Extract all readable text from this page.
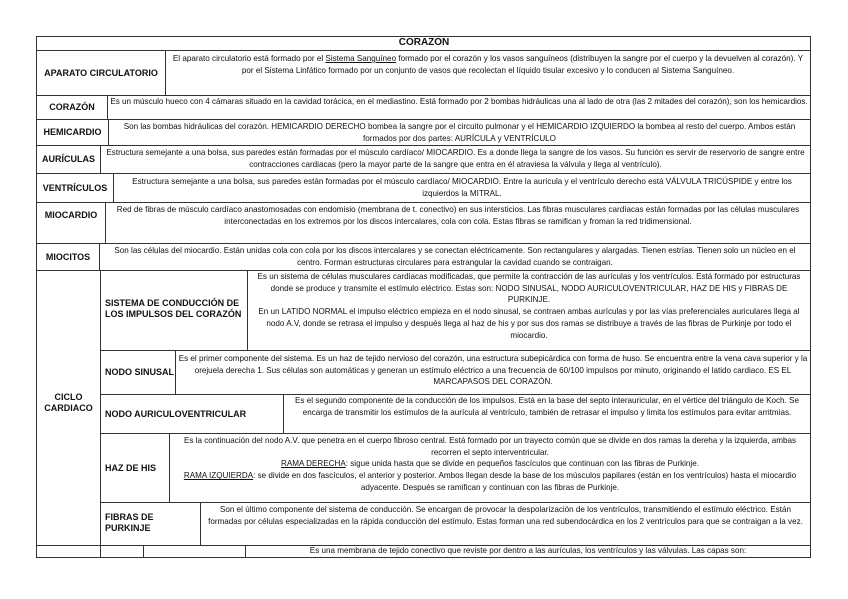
CORAZÓN
APARATO CIRCULATORIO
El aparato circulatorio está formado por el Sistema Sanguíneo formado por el corazón y los vasos sanguíneos (distribuyen la sangre por el cuerpo y la devuelven al corazón). Y por el Sistema Linfático formado por un conjunto de vasos que recolectan el líquido tisular excesivo y lo conducen al Sistema Sanguíneo.
CORAZÓN
Es un músculo hueco con 4 cámaras situado en la cavidad torácica, en el mediastino. Está formado por 2 bombas hidráulicas una al lado de otra (las 2 mitades del corazón), son los hemicardios.
HEMICARDIO
Son las bombas hidráulicas del corazón. HEMICARDIO DERECHO bombea la sangre por el circuito pulmonar y el HEMICARDIO IZQUIERDO la bombea al resto del cuerpo. Ambos están formados por dos partes: AURÍCULA y VENTRÍCULO
AURÍCULAS
Estructura semejante a una bolsa, sus paredes están formadas por el músculo cardíaco/ MIOCARDIO. Es a donde llega la sangre de los vasos. Su función es servir de reservorio de sangre entre contracciones cardiacas (pero la mayor parte de la sangre que entra en él atraviesa la válvula y llega al ventrículo).
VENTRÍCULOS
Estructura semejante a una bolsa, sus paredes están formadas por el músculo cardíaco/ MIOCARDIO. Entre la aurícula y el ventrículo derecho está VÁLVULA TRICÚSPIDE y entre los izquierdos la MITRAL.
MIOCARDIO	Red de fibras de músculo cardíaco anastomosadas con endomisio (membrana de t. conectivo) en sus intersticios. Las fibras musculares cardíacas están formadas por las células musculares interconectadas en los extremos por los discos intercalares, cola con cola. Estas fibras se ramifican y froman la red tridimensional.
MIOCITOS
Son las células del miocardio. Están unidas cola con cola por los discos intercalares y se conectan eléctricamente. Son rectangulares y alargadas. Tienen estrías. Tienen solo un núcleo en el centro. Forman estructuras circulares para estrangular la cavidad cuando se contraigan.
CICLO CARDIACO
SISTEMA DE CONDUCCIÓN DE LOS IMPULSOS DEL CORAZÓN
Es un sistema de células musculares cardiacas modificadas, que permite la contracción de las aurículas y los ventrículos. Está formado por estructuras donde se produce y transmite el estímulo eléctrico. Estas son: NODO SINUSAL, NODO AURICULOVENTRICULAR, HAZ DE HIS y FIBRAS DE PURKINJE.
En un LATIDO NORMAL el impulso eléctrico empieza en el nodo sinusal, se contraen ambas aurículas y por las vías preferenciales auriculares llega al nodo A.V, donde se retrasa el impulso y después llega al haz de his y por sus dos ramas se distribuye a través de las fibras de Purkinje por todo el miocardio.
NODO SINUSAL
Es el primer componente del sistema. Es un haz de tejido nervioso del corazón, una estructura subepicárdica con forma de huso. Se encuentra entre la vena cava superior y la orejuela derecha 1. Sus células son automáticas y generan un estímulo eléctrico a una frecuencia de 60/100 impulsos por minuto, originando el latido cardiaco. ES EL MARCAPASOS DEL CORAZÓN.
NODO AURICULOVENTRICULAR
Es el segundo componente de la conducción de los impulsos. Está en la base del septo interauricular, en el vértice del triángulo de Koch. Se encarga de transmitir los estímulos de la aurícula al ventrículo, también de retrasar el impulso y limita los estímulos para evitar arritmias.
HAZ DE HIS
Es la continuación del nodo A.V. que penetra en el cuerpo fibroso central. Está formado por un trayecto común que se divide en dos ramas la dereha y la izquierda, ambas recorren el septo interventricular.
RAMA DERECHA: sigue unida hasta que se divide en pequeños fascículos que continuan con las fibras de Purkinje.
RAMA IZQUIERDA: se divide en dos fascículos, el anterior y posterior. Ambos llegan desde la base de los músculos papilares (están en los ventrículos) hasta el miocardio adyacente. Después se ramifican y continuan con las fibras de Purkinje.
FIBRAS DE PURKINJE
Son el último componente del sistema de conducción. Se encargan de provocar la despolarización de los ventrículos, transmitiendo el estímulo eléctrico. Están formadas por células especializadas en la rápida conducción del estímulo. Estas forman una red subendocárdica en los 2 ventrículos para que se contraigan a la vez.
Es una membrana de tejido conectivo que reviste por dentro a las aurículas, los ventrículos y las válvulas. Las capas son:
